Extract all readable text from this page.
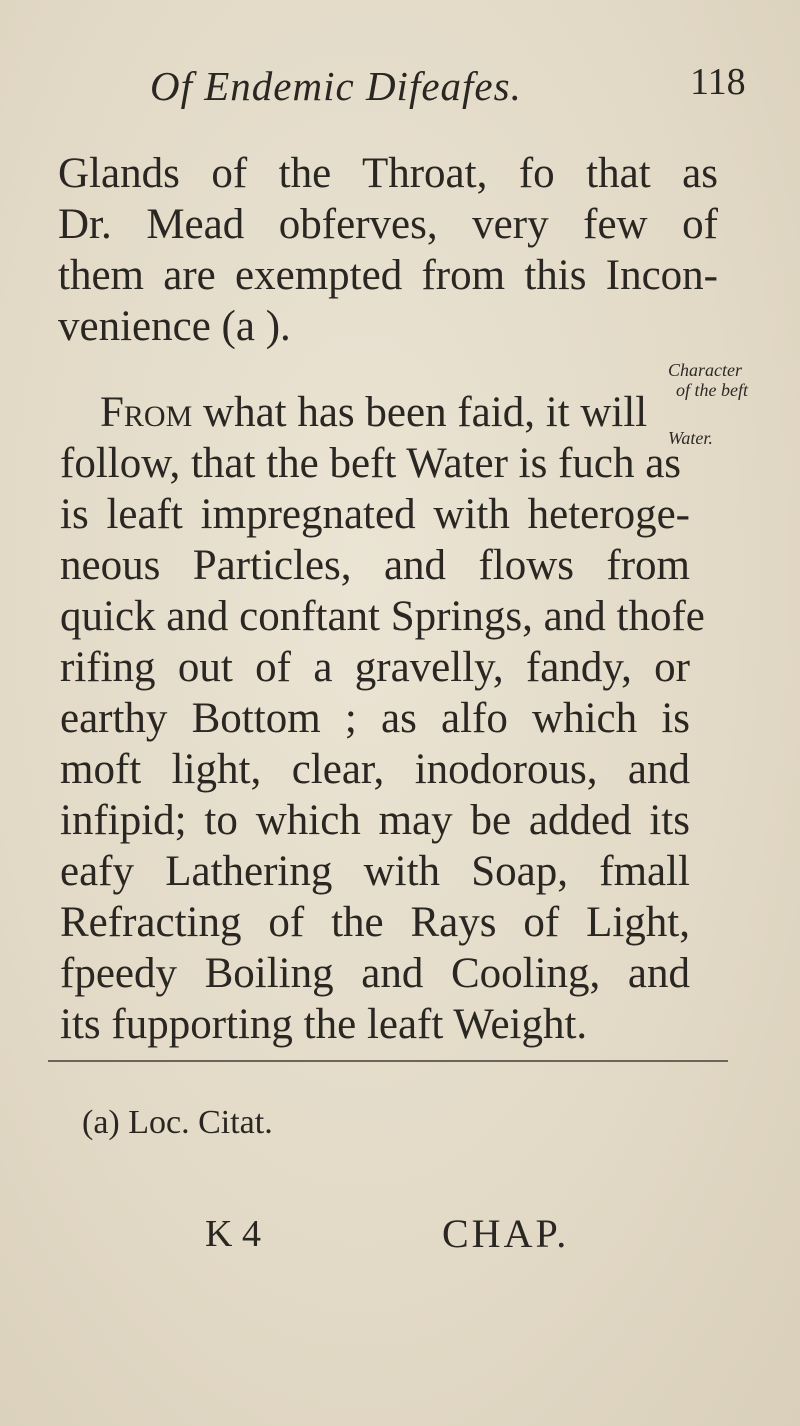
Of Endemic Difeafes.	118
Glands of the Throat, fo that as
Dr. Mead obferves, very few of
them are exempted from this Incon-
venience (a ).
From what has been faid, it will
follow, that the beft Water is fuch as
is leaft impregnated with heteroge-
neous Particles, and flows from
quick and conftant Springs, and thofe
rifing out of a gravelly, fandy, or
earthy Bottom ; as alfo which is
moft light, clear, inodorous, and
infipid; to which may be added its
eafy Lathering with Soap, fmall
Refracting of the Rays of Light,
fpeedy Boiling and Cooling, and
its fupporting the leaft Weight.
Character
of the beft
Water.
(a) Loc. Citat.
K 4	CHAP.
